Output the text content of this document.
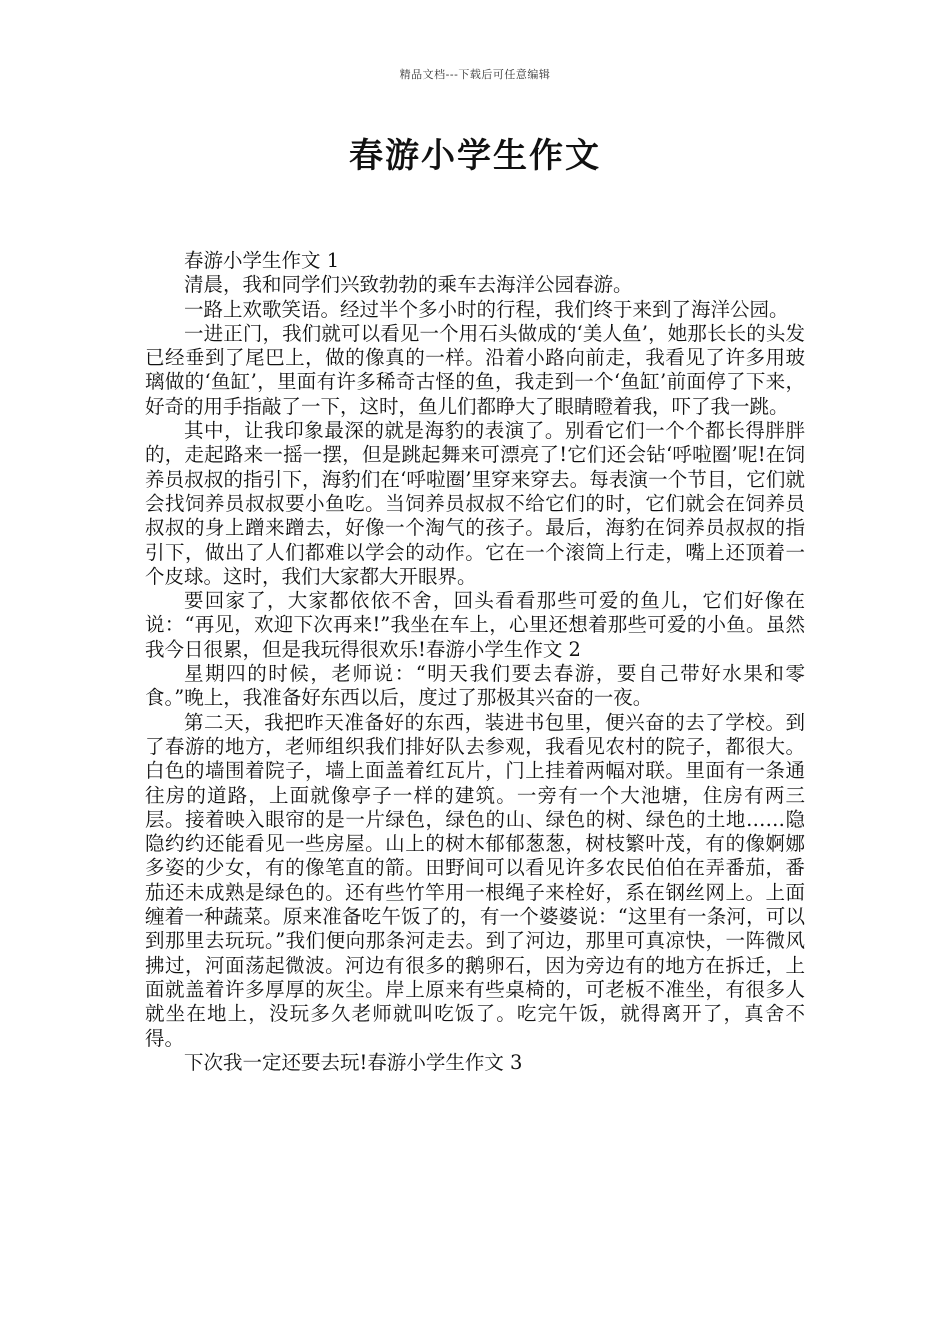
精品文档---下载后可任意编辑
春游小学生作文

春游小学生作文 1

清晨，我和同学们兴致勃勃的乘车去海洋公园春游。

一路上欢歌笑语。经过半个多小时的行程，我们终于来到了海洋公园。

一进正门，我们就可以看见一个用石头做成的‘美人鱼’，她那长长的头发已经垂到了尾巴上，做的像真的一样。沿着小路向前走，我看见了许多用玻璃做的‘鱼缸’，里面有许多稀奇古怪的鱼，我走到一个‘鱼缸’前面停了下来，好奇的用手指敲了一下，这时，鱼儿们都睁大了眼睛瞪着我，吓了我一跳。

其中，让我印象最深的就是海豹的表演了。别看它们一个个都长得胖胖的，走起路来一摇一摆，但是跳起舞来可漂亮了!它们还会钻‘呼啦圈’呢!在饲养员叔叔的指引下，海豹们在‘呼啦圈’里穿来穿去。每表演一个节目，它们就会找饲养员叔叔要小鱼吃。当饲养员叔叔不给它们的时，它们就会在饲养员叔叔的身上蹭来蹭去，好像一个淘气的孩子。最后，海豹在饲养员叔叔的指引下，做出了人们都难以学会的动作。它在一个滚筒上行走，嘴上还顶着一个皮球。这时，我们大家都大开眼界。

要回家了，大家都依依不舍，回头看看那些可爱的鱼儿，它们好像在说：“再见，欢迎下次再来!”我坐在车上，心里还想着那些可爱的小鱼。虽然我今日很累，但是我玩得很欢乐!春游小学生作文 2

星期四的时候，老师说：“明天我们要去春游，要自己带好水果和零食。”晚上，我准备好东西以后，度过了那极其兴奋的一夜。

第二天，我把昨天准备好的东西，装进书包里，便兴奋的去了学校。到了春游的地方，老师组织我们排好队去参观，我看见农村的院子，都很大。白色的墙围着院子，墙上面盖着红瓦片，门上挂着两幅对联。里面有一条通往房的道路，上面就像亭子一样的建筑。一旁有一个大池塘，住房有两三层。接着映入眼帘的是一片绿色，绿色的山、绿色的树、绿色的土地……隐隐约约还能看见一些房屋。山上的树木郁郁葱葱，树枝繁叶茂，有的像婀娜多姿的少女，有的像笔直的箭。田野间可以看见许多农民伯伯在弄番茄，番茄还未成熟是绿色的。还有些竹竿用一根绳子来栓好，系在钢丝网上。上面缠着一种蔬菜。原来准备吃午饭了的，有一个婆婆说：“这里有一条河，可以到那里去玩玩。”我们便向那条河走去。到了河边，那里可真凉快，一阵微风拂过，河面荡起微波。河边有很多的鹅卵石，因为旁边有的地方在拆迁，上面就盖着许多厚厚的灰尘。岸上原来有些桌椅的，可老板不准坐，有很多人就坐在地上，没玩多久老师就叫吃饭了。吃完午饭，就得离开了，真舍不得。

下次我一定还要去玩!春游小学生作文 3
